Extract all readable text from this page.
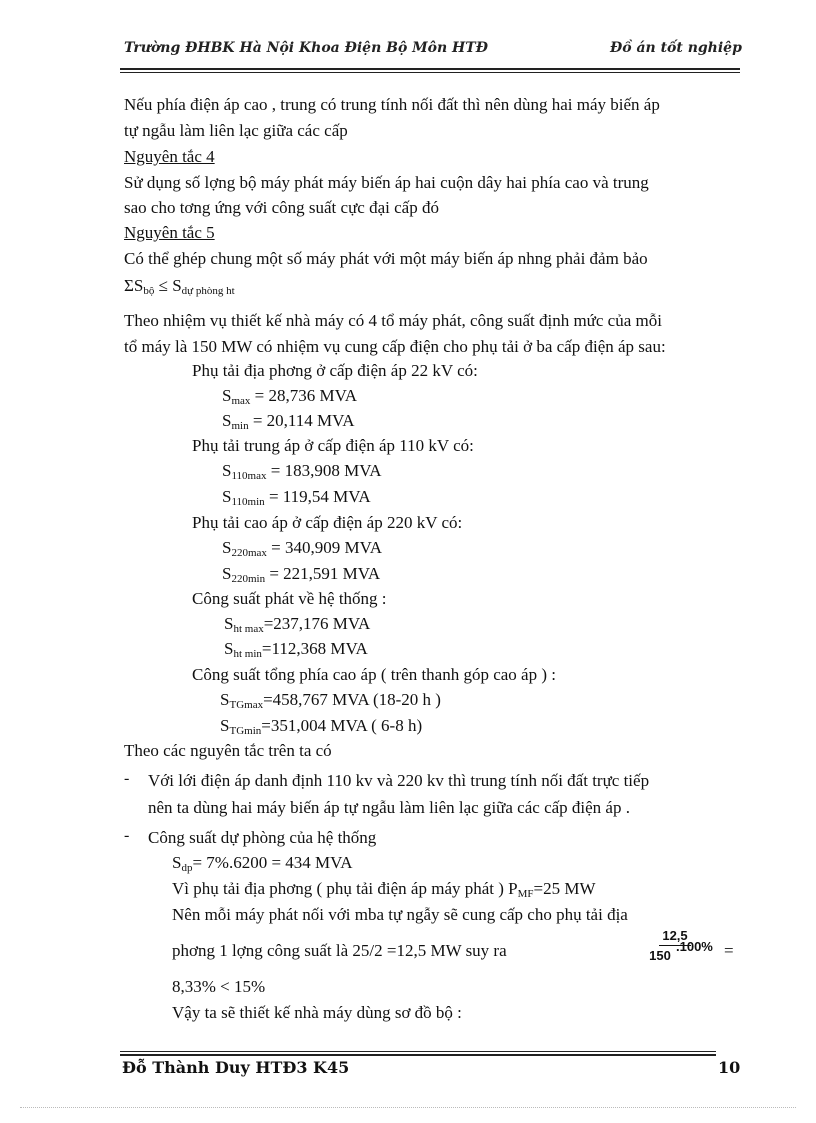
Trường ĐHBK Hà Nội Khoa Điện Bộ Môn HTĐ	Đồ án tốt nghiệp
Nếu phía điện áp cao , trung có trung tính nối đất thì nên dùng hai máy biến áp
tự ngẫu làm liên lạc giữa các cấp
Nguyên tắc 4
Sử dụng số lợng bộ máy phát máy biến áp hai cuộn dây hai phía cao và trung
sao cho tơng ứng với công suất cực đại cấp đó
Nguyên tắc 5
Có thể ghép chung một số máy phát với một máy biến áp nhng phải đảm bảo
$\Sigma S_{bộ} \le S_{dự phòng ht}$
Theo nhiệm vụ thiết kế nhà máy có 4 tổ máy phát, công suất định mức của mỗi
tổ máy là 150 MW có nhiệm vụ cung cấp điện cho phụ tải ở ba cấp điện áp sau:
Phụ tải địa phơng ở cấp điện áp 22 kV có:
$S_{max} = 28,736$ MVA
$S_{min} = 20,114$ MVA
Phụ tải trung áp ở cấp điện áp 110 kV có:
$S_{110max} = 183,908$ MVA
$S_{110min} = 119,54$ MVA
Phụ tải cao áp ở cấp điện áp 220 kV có:
$S_{220max} = 340,909$ MVA
$S_{220min} = 221,591$ MVA
Công suất phát về hệ thống :
$S_{ht max}=237,176$ MVA
$S_{ht min}=112,368$ MVA
Công suất tổng phía cao áp ( trên thanh góp cao áp ) :
$S_{TGmax}=458,767$ MVA (18-20 h )
$S_{TGmin}=351,004$ MVA ( 6-8 h)
Theo các nguyên tắc trên ta có
- Với lới điện áp danh định 110 kv và 220 kv thì trung tính nối đất trực tiếp
nên ta dùng hai máy biến áp tự ngẫu làm liên lạc giữa các cấp điện áp .
- Công suất dự phòng của hệ thống
$S_{dp}= 7\%.6200 = 434$ MVA
Vì phụ tải địa phơng ( phụ tải điện áp máy phát ) $P_{MF}=25$ MW
Nên mỗi máy phát nối với mba tự ngẫy sẽ cung cấp cho phụ tải địa
phơng 1 lợng công suất là 25/2 =12,5 MW suy ra	$\frac{12,5}{150}$
.100% =
8,33% < 15%
Vậy ta sẽ thiết kế nhà máy dùng sơ đồ bộ :
Đỗ Thành Duy HTĐ3 K45	10
